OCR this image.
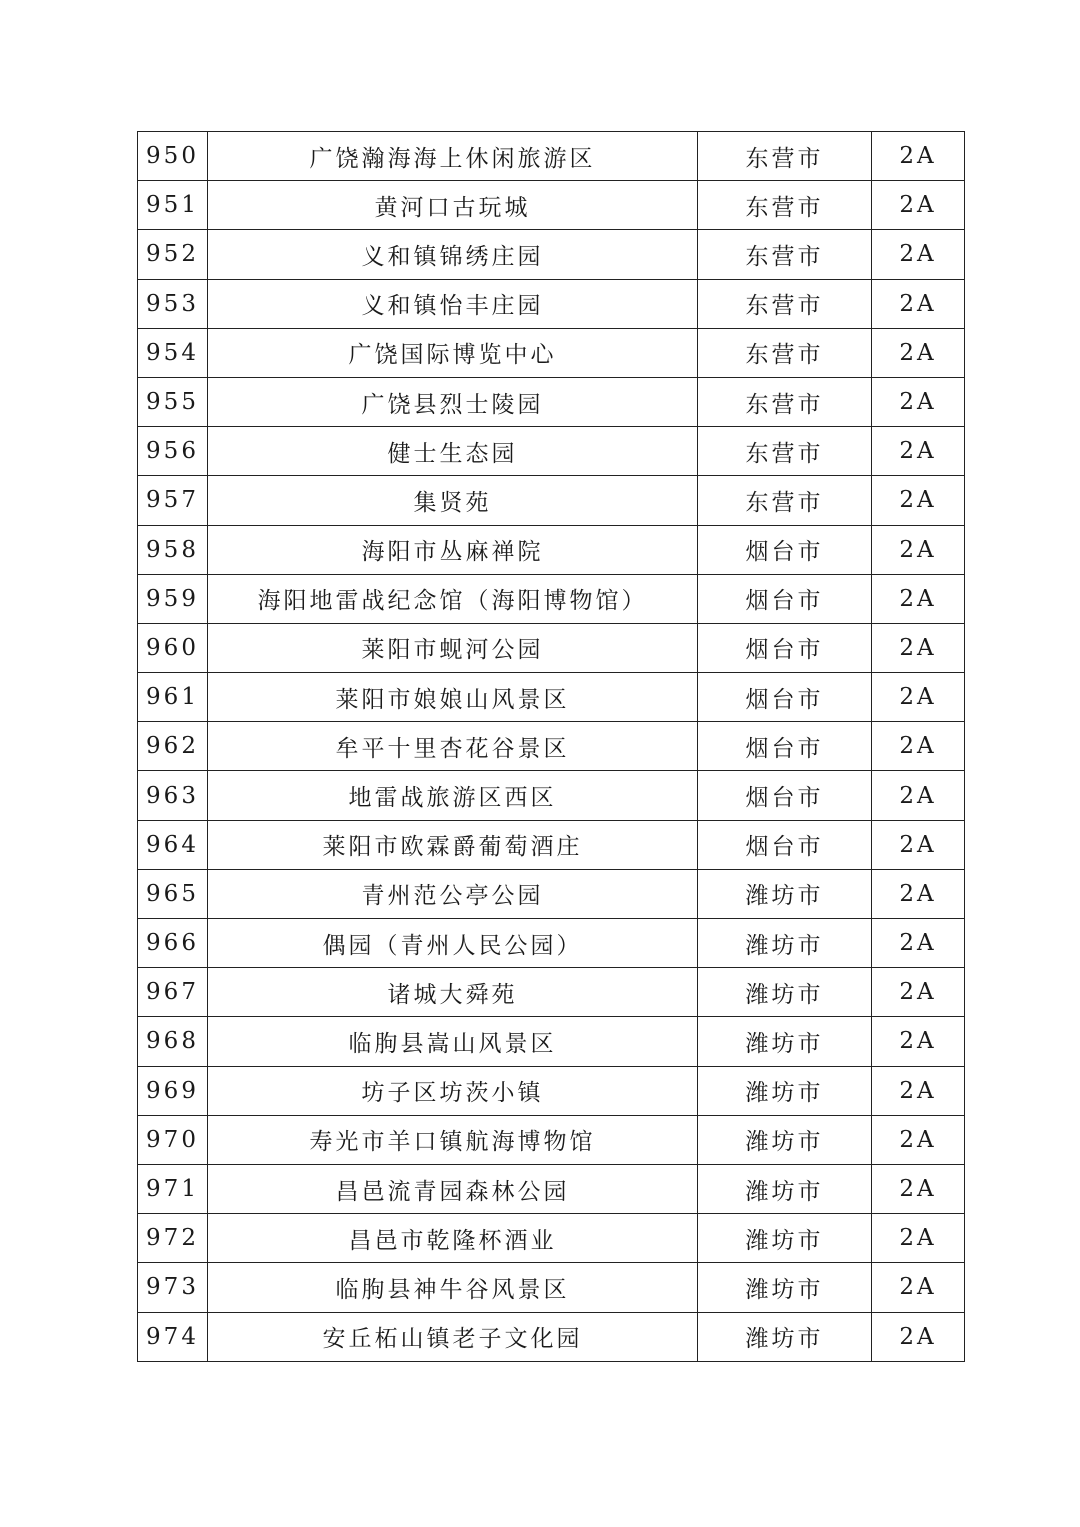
950	广饶瀚海海上休闲旅游区	东营市	2A
951	黄河口古玩城	东营市	2A
952	义和镇锦绣庄园	东营市	2A
953	义和镇怡丰庄园	东营市	2A
954	广饶国际博览中心	东营市	2A
955	广饶县烈士陵园	东营市	2A
956	健士生态园	东营市	2A
957	集贤苑	东营市	2A
958	海阳市丛麻禅院	烟台市	2A
959	海阳地雷战纪念馆（海阳博物馆）	烟台市	2A
960	莱阳市蚬河公园	烟台市	2A
961	莱阳市娘娘山风景区	烟台市	2A
962	牟平十里杏花谷景区	烟台市	2A
963	地雷战旅游区西区	烟台市	2A
964	莱阳市欧霖爵葡萄酒庄	烟台市	2A
965	青州范公亭公园	潍坊市	2A
966	偶园（青州人民公园）	潍坊市	2A
967	诸城大舜苑	潍坊市	2A
968	临朐县嵩山风景区	潍坊市	2A
969	坊子区坊茨小镇	潍坊市	2A
970	寿光市羊口镇航海博物馆	潍坊市	2A
971	昌邑流青园森林公园	潍坊市	2A
972	昌邑市乾隆杯酒业	潍坊市	2A
973	临朐县神牛谷风景区	潍坊市	2A
974	安丘柘山镇老子文化园	潍坊市	2A
